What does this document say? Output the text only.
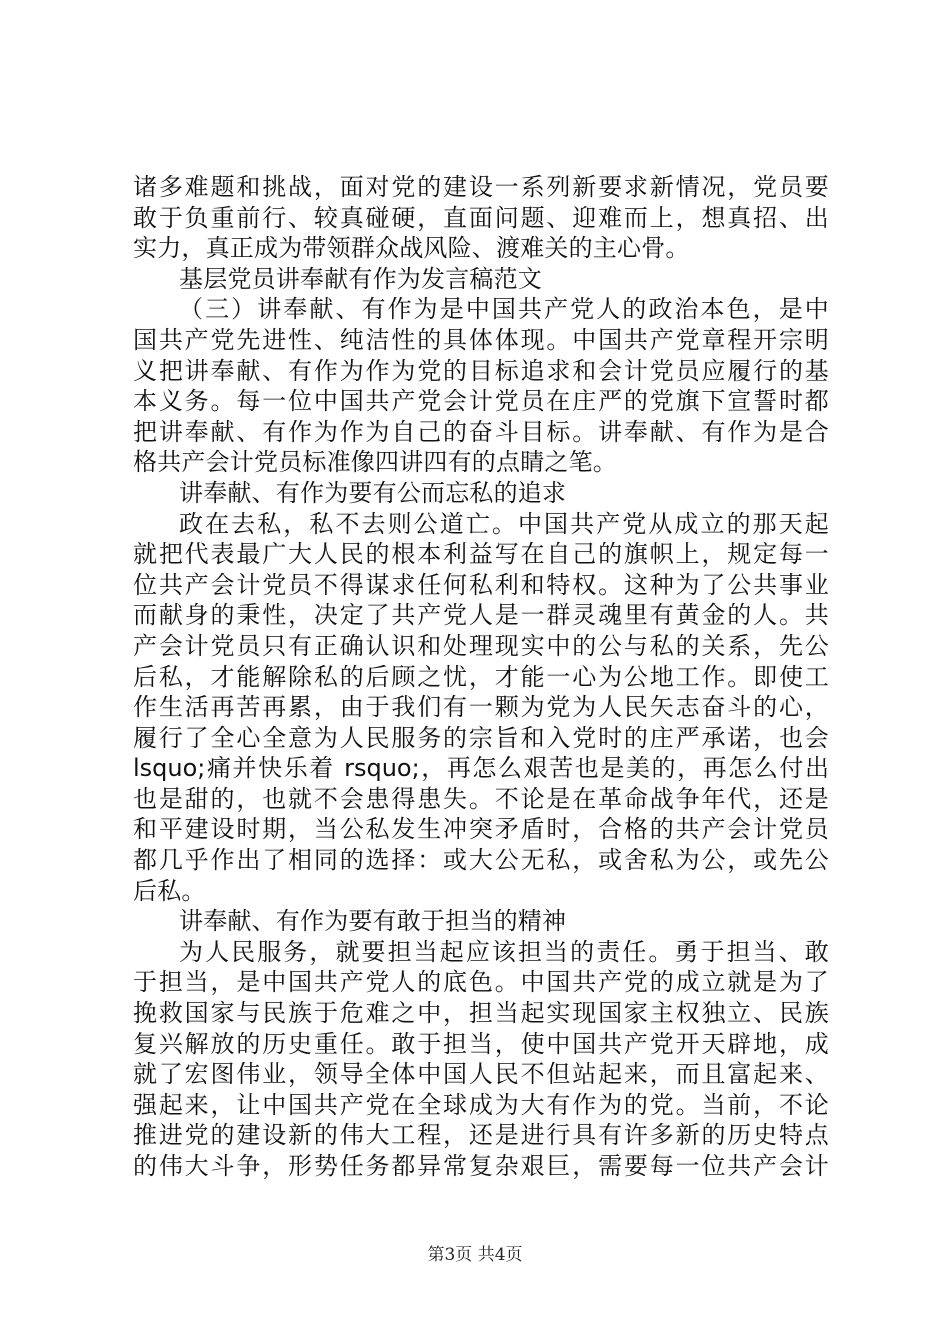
诸多难题和挑战，面对党的建设一系列新要求新情况，党员要
敢于负重前行、较真碰硬，直面问题、迎难而上，想真招、出
实力，真正成为带领群众战风险、渡难关的主心骨。
基层党员讲奉献有作为发言稿范文
（三）讲奉献、有作为是中国共产党人的政治本色，是中
国共产党先进性、纯洁性的具体体现。中国共产党章程开宗明
义把讲奉献、有作为作为党的目标追求和会计党员应履行的基
本义务。每一位中国共产党会计党员在庄严的党旗下宣誓时都
把讲奉献、有作为作为自己的奋斗目标。讲奉献、有作为是合
格共产会计党员标准像四讲四有的点睛之笔。
讲奉献、有作为要有公而忘私的追求
政在去私，私不去则公道亡。中国共产党从成立的那天起
就把代表最广大人民的根本利益写在自己的旗帜上，规定每一
位共产会计党员不得谋求任何私利和特权。这种为了公共事业
而献身的秉性，决定了共产党人是一群灵魂里有黄金的人。共
产会计党员只有正确认识和处理现实中的公与私的关系，先公
后私，才能解除私的后顾之忧，才能一心为公地工作。即使工
作生活再苦再累，由于我们有一颗为党为人民矢志奋斗的心，
履行了全心全意为人民服务的宗旨和入党时的庄严承诺，也会
lsquo;痛并快乐着 rsquo;，再怎么艰苦也是美的，再怎么付出
也是甜的，也就不会患得患失。不论是在革命战争年代，还是
和平建设时期，当公私发生冲突矛盾时，合格的共产会计党员
都几乎作出了相同的选择：或大公无私，或舍私为公，或先公
后私。
讲奉献、有作为要有敢于担当的精神
为人民服务，就要担当起应该担当的责任。勇于担当、敢
于担当，是中国共产党人的底色。中国共产党的成立就是为了
挽救国家与民族于危难之中，担当起实现国家主权独立、民族
复兴解放的历史重任。敢于担当，使中国共产党开天辟地，成
就了宏图伟业，领导全体中国人民不但站起来，而且富起来、
强起来，让中国共产党在全球成为大有作为的党。当前，不论
推进党的建设新的伟大工程，还是进行具有许多新的历史特点
的伟大斗争，形势任务都异常复杂艰巨，需要每一位共产会计
第3页 共4页
